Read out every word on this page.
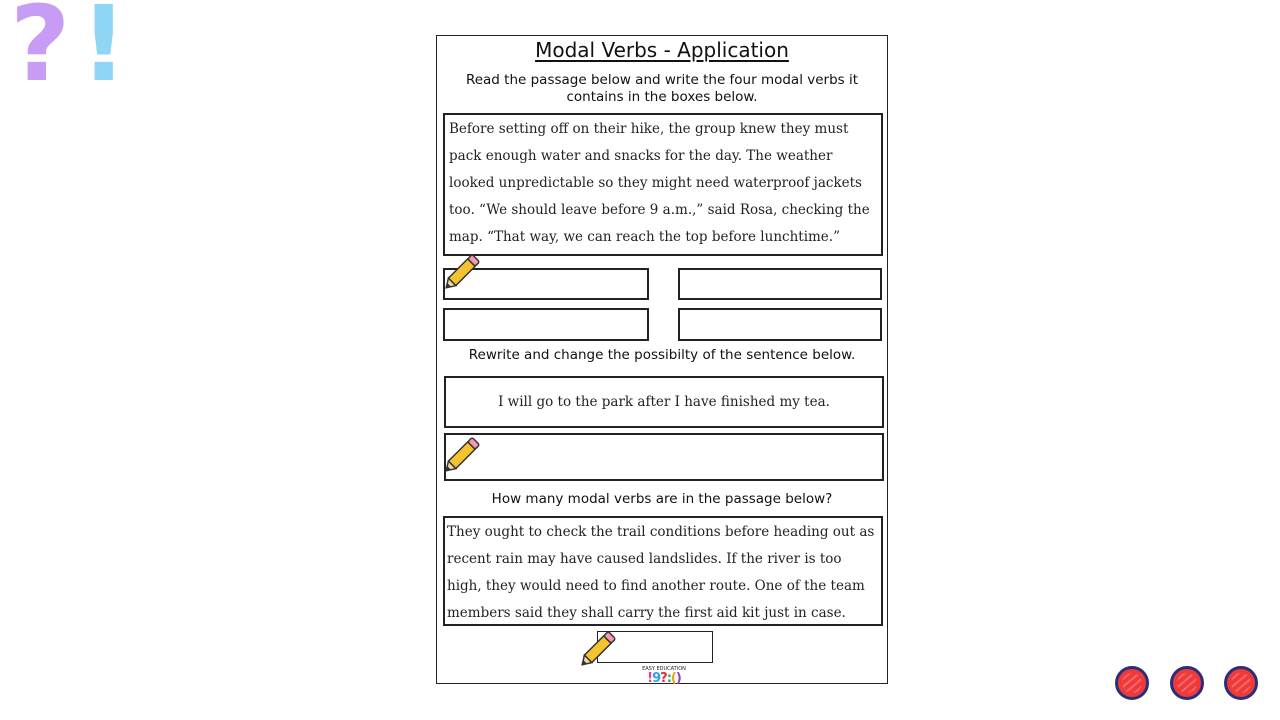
? !	Modal Verbs - Application
Read the passage below and write the four modal verbs it contains in the boxes below.
Before setting off on their hike, the group knew they must pack enough water and snacks for the day. The weather looked unpredictable so they might need waterproof jackets too. “We should leave before 9 a.m.,” said Rosa, checking the map. “That way, we can reach the top before lunchtime.”
Rewrite and change the possibilty of the sentence below.
I will go to the park after I have finished my tea.
How many modal verbs are in the passage below?
They ought to check the trail conditions before heading out as recent rain may have caused landslides. If the river is too high, they would need to find another route. One of the team members said they shall carry the first aid kit just in case.
EASY EDUCATION
!9?:()
